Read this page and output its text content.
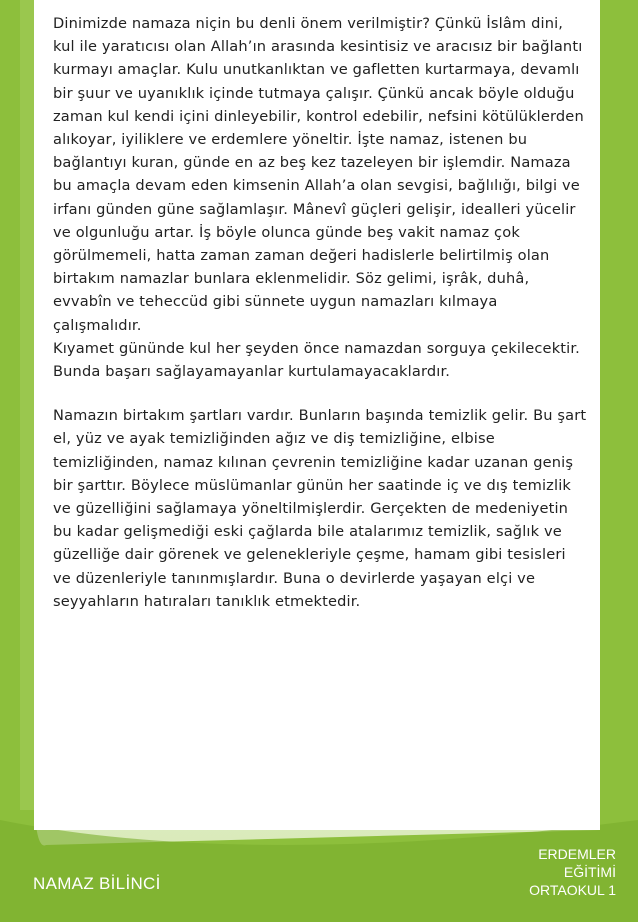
Dinimizde namaza niçin bu denli önem verilmiştir? Çünkü İslâm dini, kul ile yaratıcısı olan Allah’ın arasında kesintisiz ve aracısız bir bağlantı kurmayı amaçlar. Kulu unutkanlıktan ve gafletten kurtarmaya, devamlı bir şuur ve uyanıklık içinde tutmaya çalışır. Çünkü ancak böyle olduğu zaman kul kendi içini dinleyebilir, kontrol edebilir, nefsini kötülüklerden alıkoyar, iyiliklere ve erdemlere yöneltir. İşte namaz, istenen bu bağlantıyı kuran, günde en az beş kez tazeleyen bir işlemdir. Namaza bu amaçla devam eden kimsenin Allah’a olan sevgisi, bağlılığı, bilgi ve irfanı günden güne sağlamlaşır. Mânevî güçleri gelişir, idealleri yücelir ve olgunluğu artar. İş böyle olunca günde beş vakit namaz çok görülmemeli, hatta zaman zaman değeri hadislerle belirtilmiş olan birtakım namazlar bunlara eklenmelidir. Söz gelimi, işrâk, duhâ, evvabîn ve teheccüd gibi sünnete uygun namazları kılmaya çalışmalıdır.

Kıyamet gününde kul her şeyden önce namazdan sorguya çekilecektir. Bunda başarı sağlayamayanlar kurtulamayacaklardır.

Namazın birtakım şartları vardır. Bunların başında temizlik gelir. Bu şart el, yüz ve ayak temizliğinden ağız ve diş temizliğine, elbise temizliğinden, namaz kılınan çevrenin temizliğine kadar uzanan geniş bir şarttır. Böylece müslümanlar günün her saatinde iç ve dış temizlik ve güzelliğini sağlamaya yöneltilmişlerdir. Gerçekten de medeniyetin bu kadar gelişmediği eski çağlarda bile atalarımız temizlik, sağlık ve güzelliğe dair görenek ve gelenekleriyle çeşme, hamam gibi tesisleri ve düzenleriyle tanınmışlardır. Buna o devirlerde yaşayan elçi ve seyyahların hatıraları tanıklık etmektedir.

NAMAZ BİLİNCİ
ERDEMLER
EĞİTİMİ
ORTAOKUL 1
